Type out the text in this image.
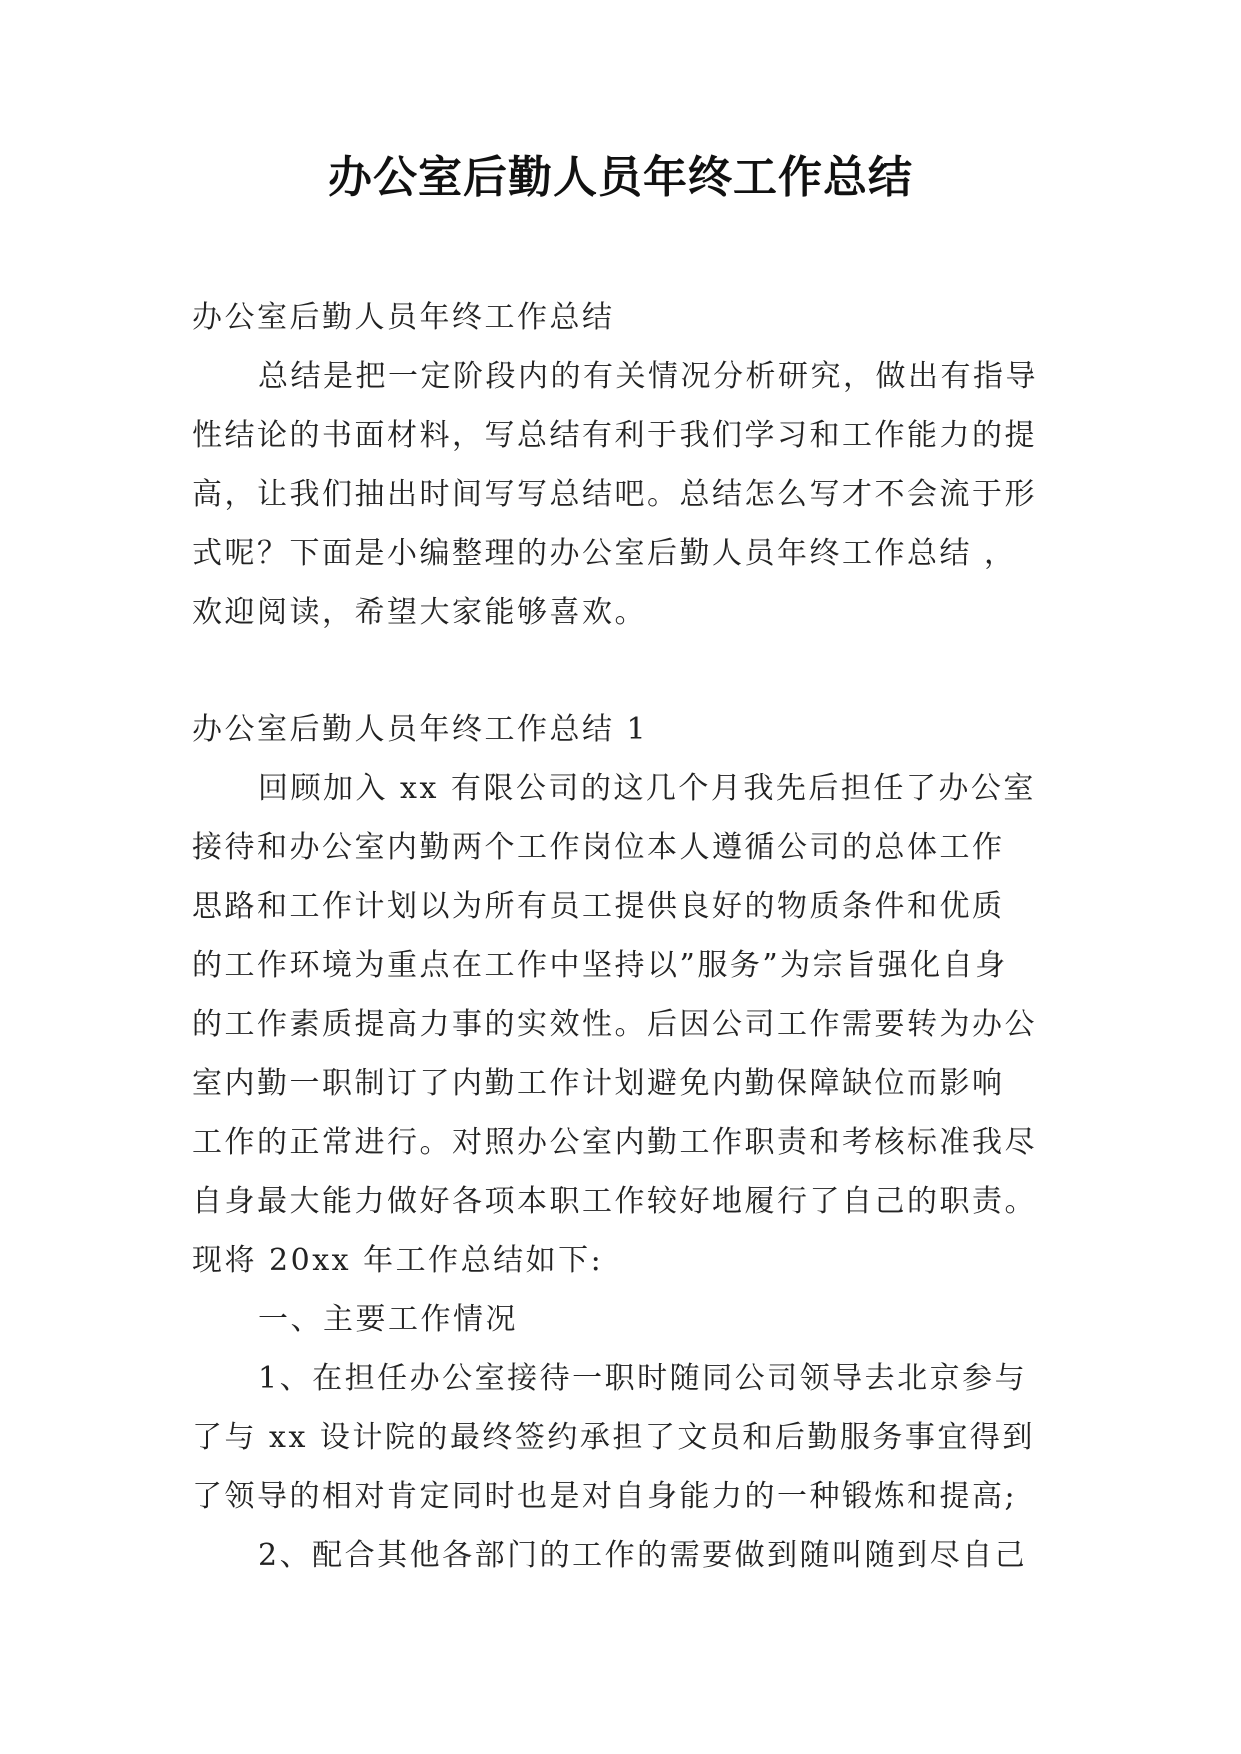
办公室后勤人员年终工作总结
办公室后勤人员年终工作总结
总结是把一定阶段内的有关情况分析研究，做出有指导
性结论的书面材料，写总结有利于我们学习和工作能力的提
高，让我们抽出时间写写总结吧。总结怎么写才不会流于形
式呢？下面是小编整理的办公室后勤人员年终工作总结 ，
欢迎阅读，希望大家能够喜欢。
办公室后勤人员年终工作总结 1
回顾加入 xx 有限公司的这几个月我先后担任了办公室
接待和办公室内勤两个工作岗位本人遵循公司的总体工作
思路和工作计划以为所有员工提供良好的物质条件和优质
的工作环境为重点在工作中坚持以”服务”为宗旨强化自身
的工作素质提高力事的实效性。后因公司工作需要转为办公
室内勤一职制订了内勤工作计划避免内勤保障缺位而影响
工作的正常进行。对照办公室内勤工作职责和考核标准我尽
自身最大能力做好各项本职工作较好地履行了自己的职责。
现将 20xx 年工作总结如下:
一、主要工作情况
1、在担任办公室接待一职时随同公司领导去北京参与
了与 xx 设计院的最终签约承担了文员和后勤服务事宜得到
了领导的相对肯定同时也是对自身能力的一种锻炼和提高;
2、配合其他各部门的工作的需要做到随叫随到尽自己
